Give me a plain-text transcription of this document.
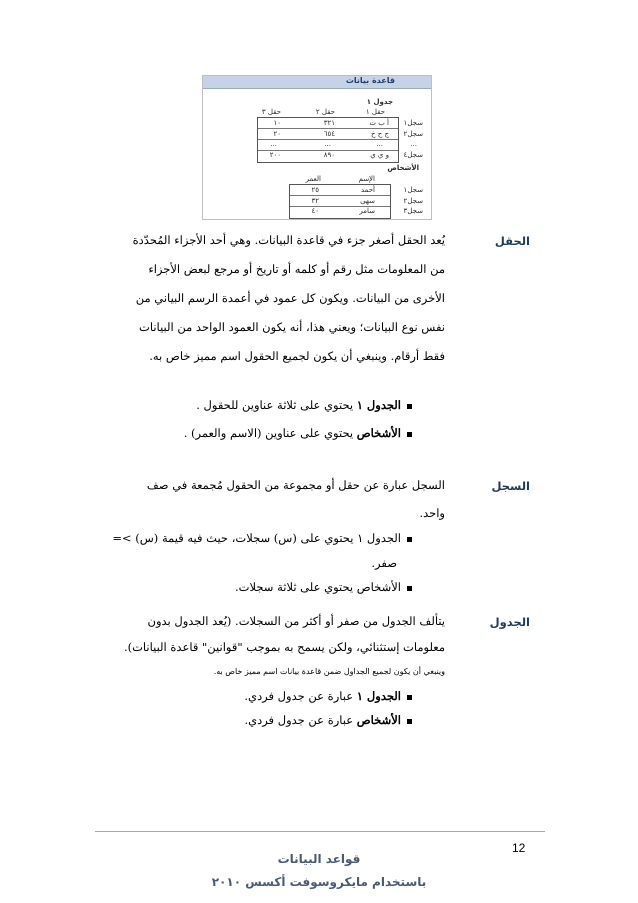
قاعدة بيانات
جدول ١
حقل ١
حقل ٢
حقل ٣
سجل١
أ ب ت
٣٢١
١٠
سجل٢
ج ح خ
٦٥٤
٢٠
...
...
...
...
سجل٤
و ي ي
٨٩٠
٢٠٠
الأشخاص
الإسم
العمر
سجل١
أحمد
٢٥
سجل٢
سهى
٣٢
سجل٣
سامر
٤٠
الحقل
يُعد الحقل أصغر جزء في قاعدة البيانات. وهي أحد الأجزاء المُحدّدة
من المعلومات مثل رقم أو كلمه أو تاريخ أو مرجع لبعض الأجزاء
الأخرى من البيانات. ويكون كل عمود في أعمدة الرسم البياني من
نفس نوع البيانات؛ ويعني هذا، أنه يكون العمود الواحد من البيانات
فقط أرقام. وينبغي أن يكون لجميع الحقول اسم مميز خاص به.
الجدول ١ يحتوي على ثلاثة عناوين للحقول .
الأشخاص يحتوي على عناوين (الاسم والعمر) .
السجل
السجل عبارة عن حقل أو مجموعة من الحقول مُجمعة في صف
واحد.
الجدول ١ يحتوي على (س) سجلات، حيث فيه قيمة (س) >=
صفر.
الأشخاص يحتوي على ثلاثة سجلات.
الجدول
يتألف الجدول من صفر أو أكثر من السجلات. (يُعد الجدول بدون
معلومات إستثنائي، ولكن يسمح به بموجب "قوانين" قاعدة البيانات).
وينبغي أن يكون لجميع الجداول ضمن قاعدة بيانات اسم مميز خاص به.
الجدول ١ عبارة عن جدول فردي.
الأشخاص عبارة عن جدول فردي.
12
قواعد البيانات
باستخدام مايكروسوفت أكسس ٢٠١٠
